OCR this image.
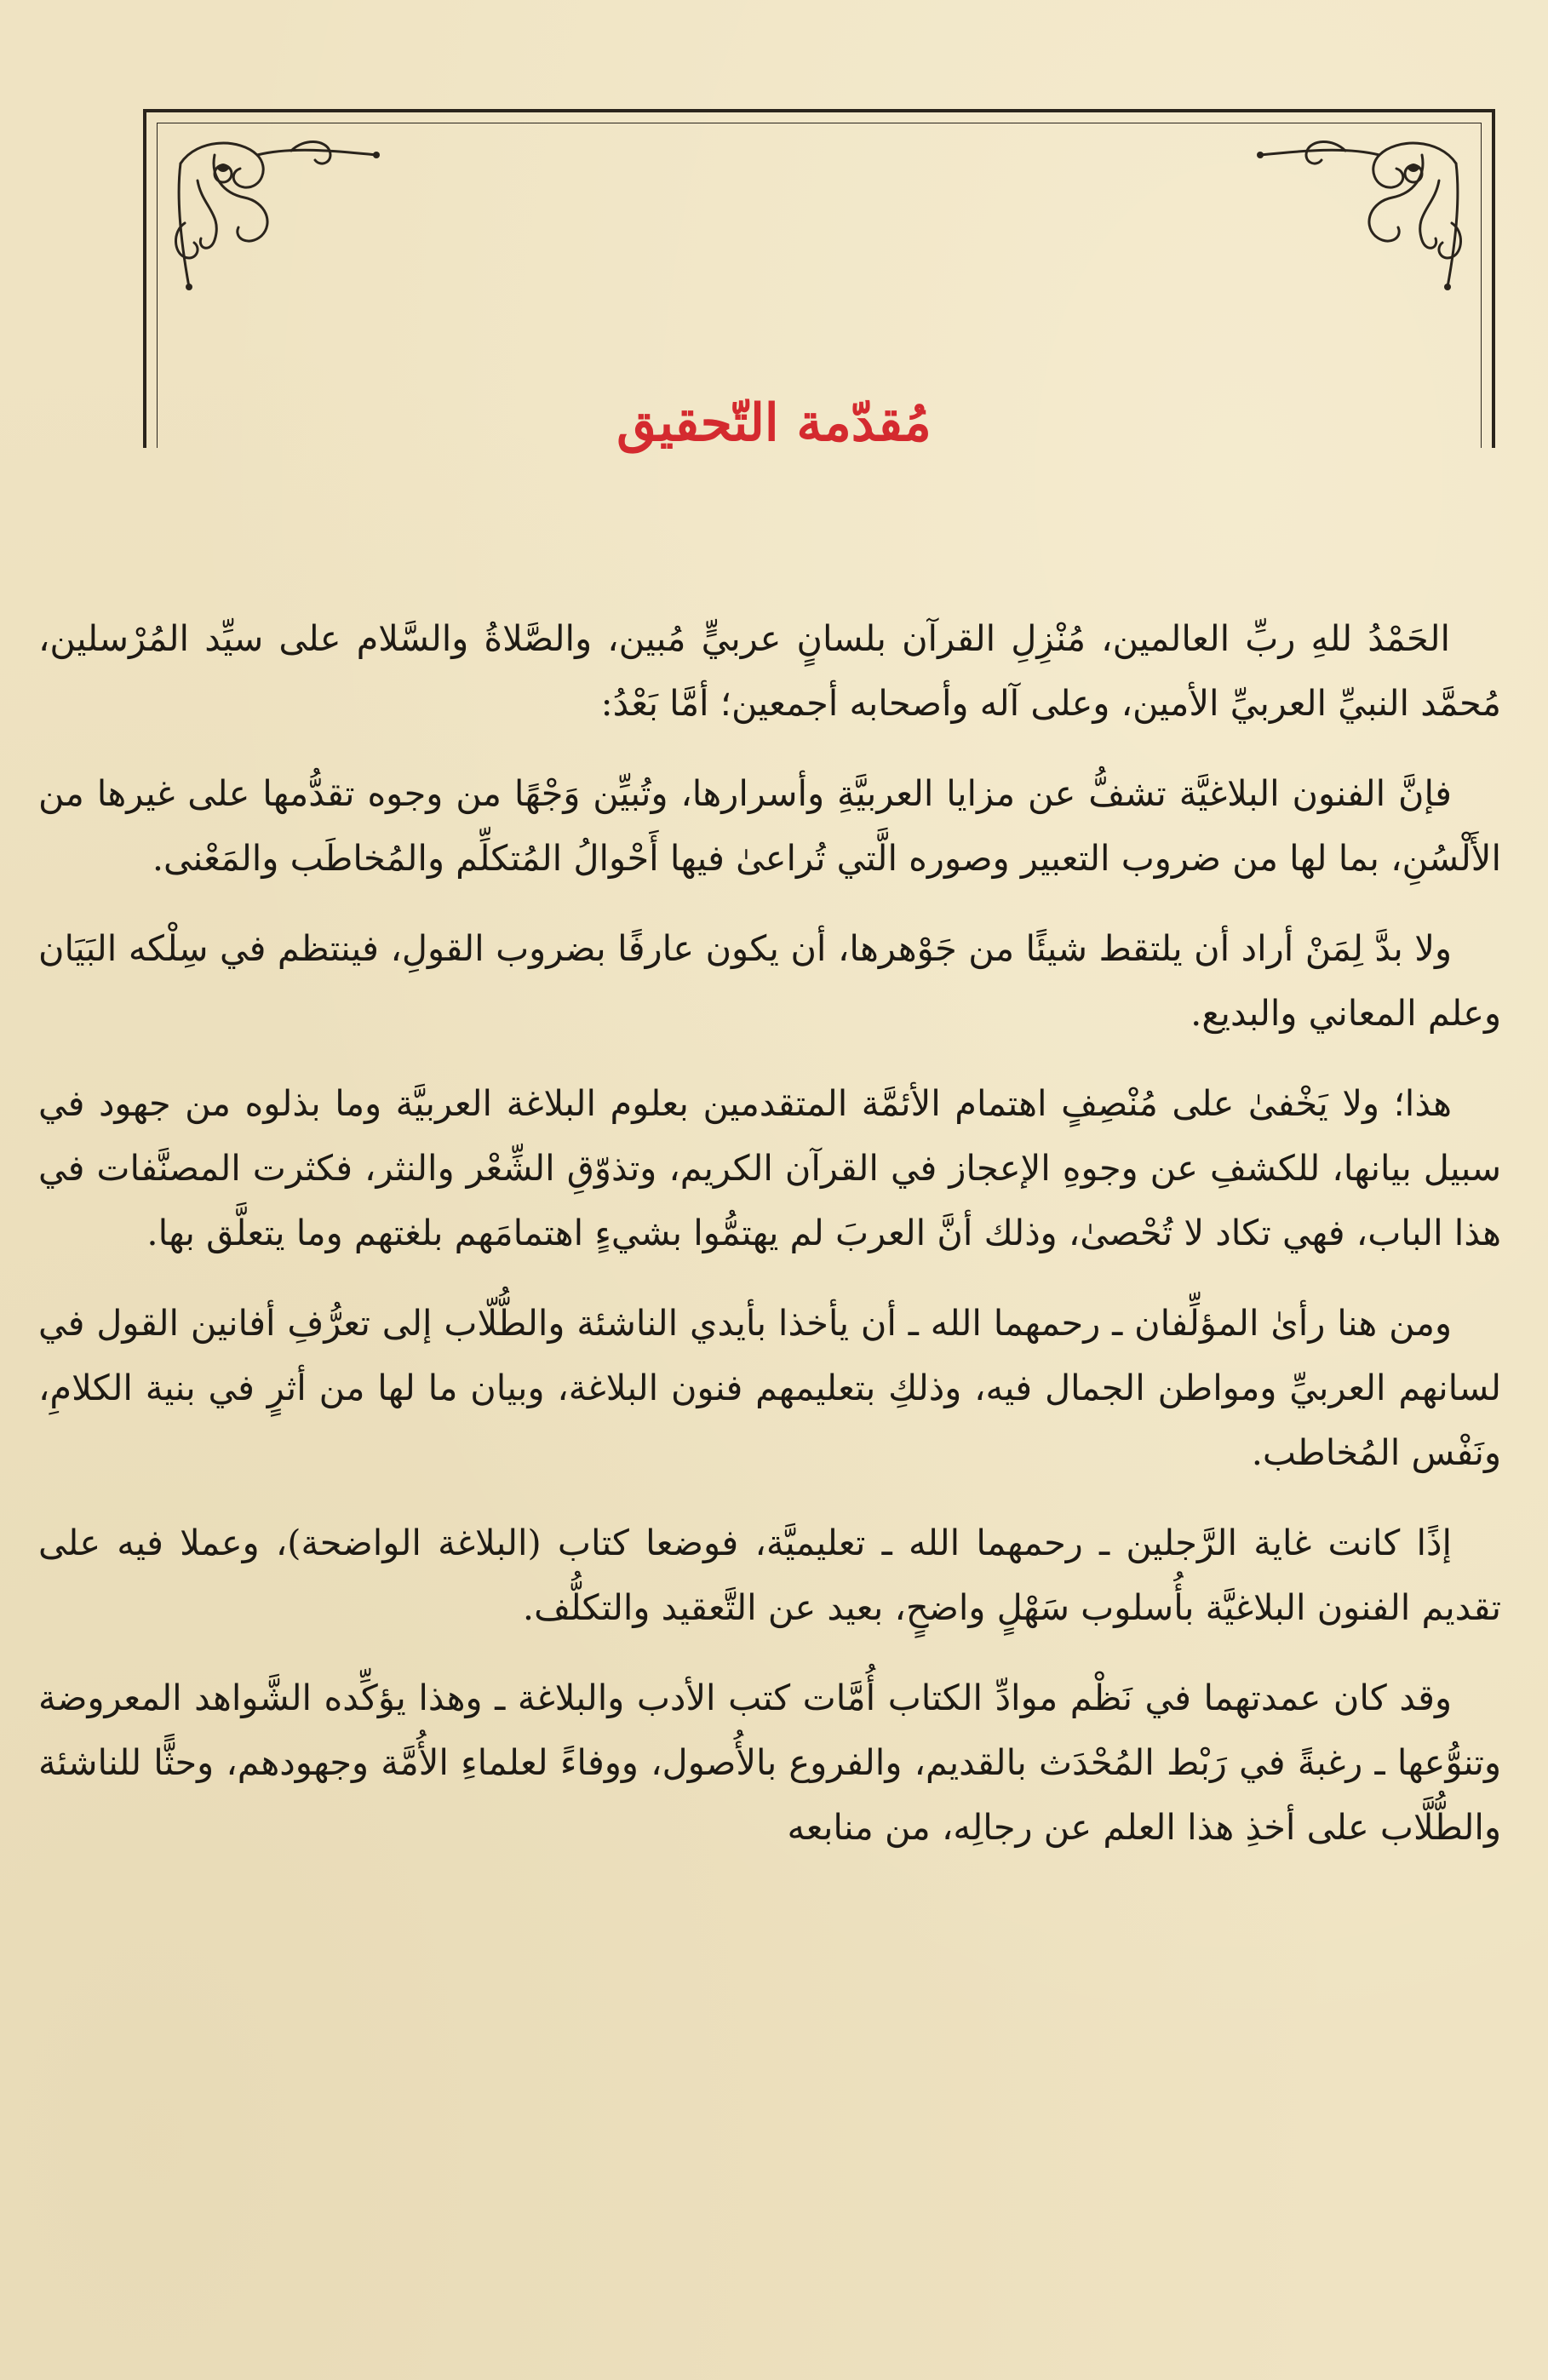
مُقدّمة التّحقيق

الحَمْدُ للهِ ربِّ العالمين، مُنْزِلِ القرآن بلسانٍ عربيٍّ مُبين، والصَّلاةُ والسَّلام على سيِّد المُرْسلين، مُحمَّد النبيِّ العربيِّ الأمين، وعلى آله وأصحابه أجمعين؛ أمَّا بَعْدُ:

فإنَّ الفنون البلاغيَّة تشفُّ عن مزايا العربيَّةِ وأسرارها، وتُبيِّن وَجْهًا من وجوه تقدُّمها على غيرها من الأَلْسُنِ، بما لها من ضروب التعبير وصوره الَّتي تُراعىٰ فيها أَحْوالُ المُتكلِّم والمُخاطَب والمَعْنى.

ولا بدَّ لِمَنْ أراد أن يلتقط شيئًا من جَوْهرها، أن يكون عارفًا بضروب القولِ، فينتظم في سِلْكه البَيَان وعلم المعاني والبديع.

هذا؛ ولا يَخْفىٰ على مُنْصِفٍ اهتمام الأئمَّة المتقدمين بعلوم البلاغة العربيَّة وما بذلوه من جهود في سبيل بيانها، للكشفِ عن وجوهِ الإعجاز في القرآن الكريم، وتذوّقِ الشِّعْر والنثر، فكثرت المصنَّفات في هذا الباب، فهي تكاد لا تُحْصىٰ، وذلك أنَّ العربَ لم يهتمُّوا بشيءٍ اهتمامَهم بلغتهم وما يتعلَّق بها.

ومن هنا رأىٰ المؤلِّفان ـ رحمهما الله ـ أن يأخذا بأيدي الناشئة والطُّلّاب إلى تعرُّفِ أفانين القول في لسانهم العربيِّ ومواطن الجمال فيه، وذلكِ بتعليمهم فنون البلاغة، وبيان ما لها من أثرٍ في بنية الكلامِ، ونَفْس المُخاطب.

إذًا كانت غاية الرَّجلين ـ رحمهما الله ـ تعليميَّة، فوضعا كتاب (البلاغة الواضحة)، وعملا فيه على تقديم الفنون البلاغيَّة بأُسلوب سَهْلٍ واضحٍ، بعيد عن التَّعقيد والتكلُّف.

وقد كان عمدتهما في نَظْم موادِّ الكتاب أُمَّات كتب الأدب والبلاغة ـ وهذا يؤكِّده الشَّواهد المعروضة وتنوُّعها ـ رغبةً في رَبْط المُحْدَث بالقديم، والفروع بالأُصول، ووفاءً لعلماءِ الأُمَّة وجهودهم، وحثًّا للناشئة والطُّلَّاب على أخذِ هذا العلم عن رجالِه، من منابعه
